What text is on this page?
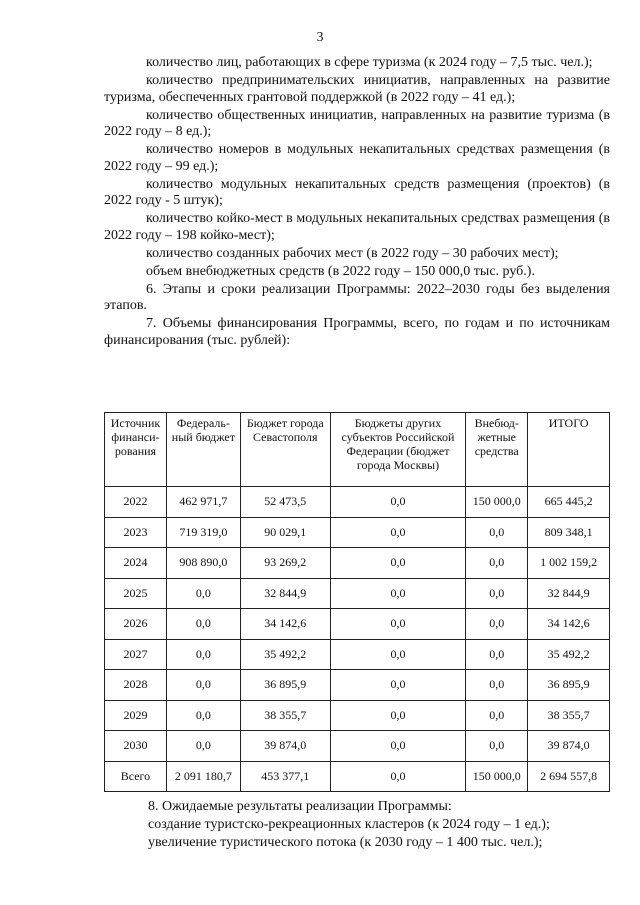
3

количество лиц, работающих в сфере туризма (к 2024 году – 7,5 тыс. чел.);

количество предпринимательских инициатив, направленных на развитие туризма, обеспеченных грантовой поддержкой (в 2022 году – 41 ед.);

количество общественных инициатив, направленных на развитие туризма (в 2022 году – 8 ед.);

количество номеров в модульных некапитальных средствах размещения (в 2022 году – 99 ед.);

количество модульных некапитальных средств размещения (проектов) (в 2022 году - 5 штук);

количество койко-мест в модульных некапитальных средствах размещения (в 2022 году – 198 койко-мест);

количество созданных рабочих мест (в 2022 году – 30 рабочих мест);

объем внебюджетных средств (в 2022 году – 150 000,0 тыс. руб.).

6. Этапы и сроки реализации Программы: 2022–2030 годы без выделения этапов.

7. Объемы финансирования Программы, всего, по годам и по источникам финансирования (тыс. рублей):

Источник финанси-рования	Федераль-ный бюджет	Бюджет города Севастополя	Бюджеты других субъектов Российской Федерации (бюджет города Москвы)	Внебюд-жетные средства	ИТОГО
2022	462 971,7	52 473,5	0,0	150 000,0	665 445,2
2023	719 319,0	90 029,1	0,0	0,0	809 348,1
2024	908 890,0	93 269,2	0,0	0,0	1 002 159,2
2025	0,0	32 844,9	0,0	0,0	32 844,9
2026	0,0	34 142,6	0,0	0,0	34 142,6
2027	0,0	35 492,2	0,0	0,0	35 492,2
2028	0,0	36 895,9	0,0	0,0	36 895,9
2029	0,0	38 355,7	0,0	0,0	38 355,7
2030	0,0	39 874,0	0,0	0,0	39 874,0
Всего	2 091 180,7	453 377,1	0,0	150 000,0	2 694 557,8
8. Ожидаемые результаты реализации Программы:
создание туристско-рекреационных кластеров (к 2024 году – 1 ед.);
увеличение туристического потока (к 2030 году – 1 400 тыс. чел.);
